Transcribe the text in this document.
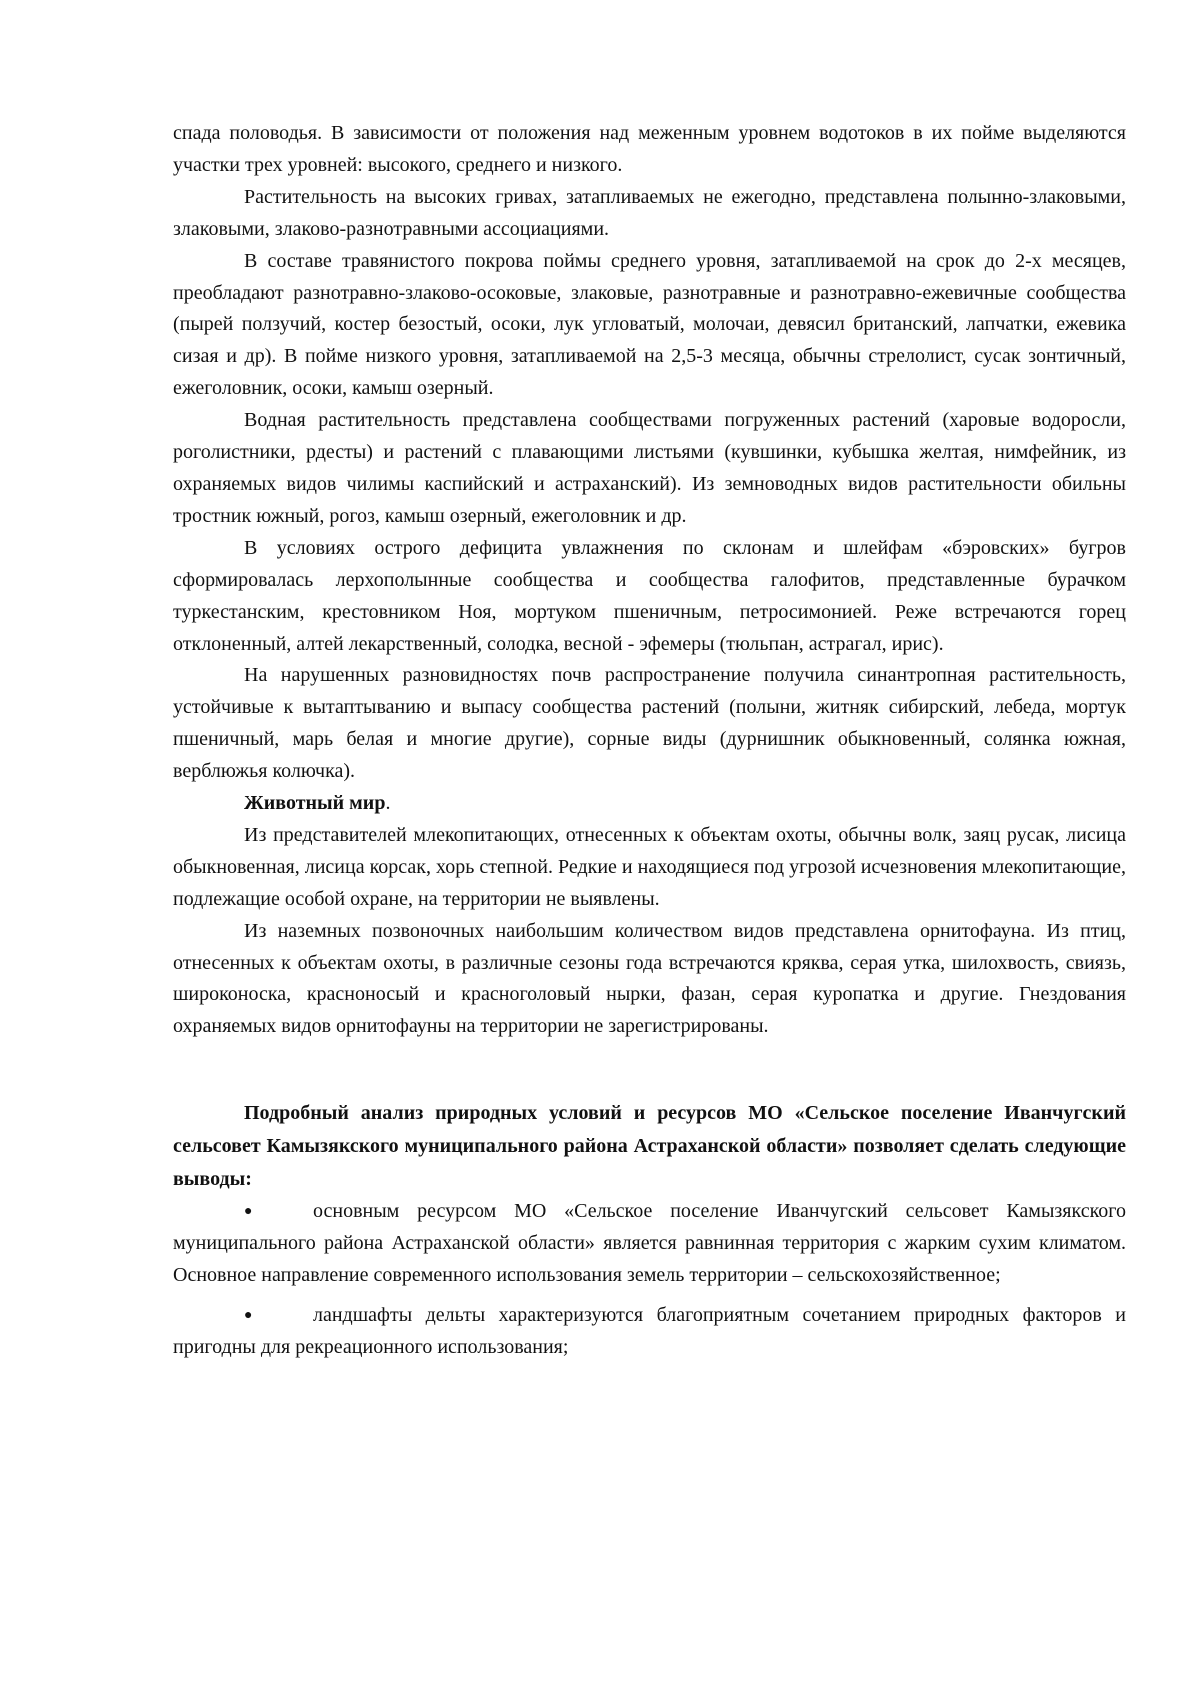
спада половодья. В зависимости от положения над меженным уровнем водотоков в их пойме выделяются участки трех уровней: высокого, среднего и низкого.

Растительность на высоких гривах, затапливаемых не ежегодно, представлена полынно-злаковыми, злаковыми, злаково-разнотравными ассоциациями.

В составе травянистого покрова поймы среднего уровня, затапливаемой на срок до 2-х месяцев, преобладают разнотравно-злаково-осоковые, злаковые, разнотравные и разнотравно-ежевичные сообщества (пырей ползучий, костер безостый, осоки, лук угловатый, молочаи, девясил британский, лапчатки, ежевика сизая и др). В пойме низкого уровня, затапливаемой на 2,5-3 месяца, обычны стрелолист, сусак зонтичный, ежеголовник, осоки, камыш озерный.

Водная растительность представлена сообществами погруженных растений (харовые водоросли, роголистники, рдесты) и растений с плавающими листьями (кувшинки, кубышка желтая, нимфейник, из охраняемых видов чилимы каспийский и астраханский). Из земноводных видов растительности обильны тростник южный, рогоз, камыш озерный, ежеголовник и др.

В условиях острого дефицита увлажнения по склонам и шлейфам «бэровских» бугров сформировалась лерхополынные сообщества и сообщества галофитов, представленные бурачком туркестанским, крестовником Ноя, мортуком пшеничным, петросимонией. Реже встречаются горец отклоненный, алтей лекарственный, солодка, весной - эфемеры (тюльпан, астрагал, ирис).

На нарушенных разновидностях почв распространение получила синантропная растительность, устойчивые к вытаптыванию и выпасу сообщества растений (полыни, житняк сибирский, лебеда, мортук пшеничный, марь белая и многие другие), сорные виды (дурнишник обыкновенный, солянка южная, верблюжья колючка).

Животный мир.

Из представителей млекопитающих, отнесенных к объектам охоты, обычны волк, заяц русак, лисица обыкновенная, лисица корсак, хорь степной. Редкие и находящиеся под угрозой исчезновения млекопитающие, подлежащие особой охране, на территории не выявлены.

Из наземных позвоночных наибольшим количеством видов представлена орнитофауна. Из птиц, отнесенных к объектам охоты, в различные сезоны года встречаются кряква, серая утка, шилохвость, свиязь, широконоска, красноносый и красноголовый нырки, фазан, серая куропатка и другие. Гнездования охраняемых видов орнитофауны на территории не зарегистрированы.

Подробный анализ природных условий и ресурсов МО «Сельское поселение Иванчугский сельсовет Камызякского муниципального района Астраханской области» позволяет сделать следующие выводы:

●	основным ресурсом МО «Сельское поселение Иванчугский сельсовет Камызякского муниципального района Астраханской области» является равнинная территория с жарким сухим климатом. Основное направление современного использования земель территории – сельскохозяйственное;

●	ландшафты дельты характеризуются благоприятным сочетанием природных факторов и пригодны для рекреационного использования;
